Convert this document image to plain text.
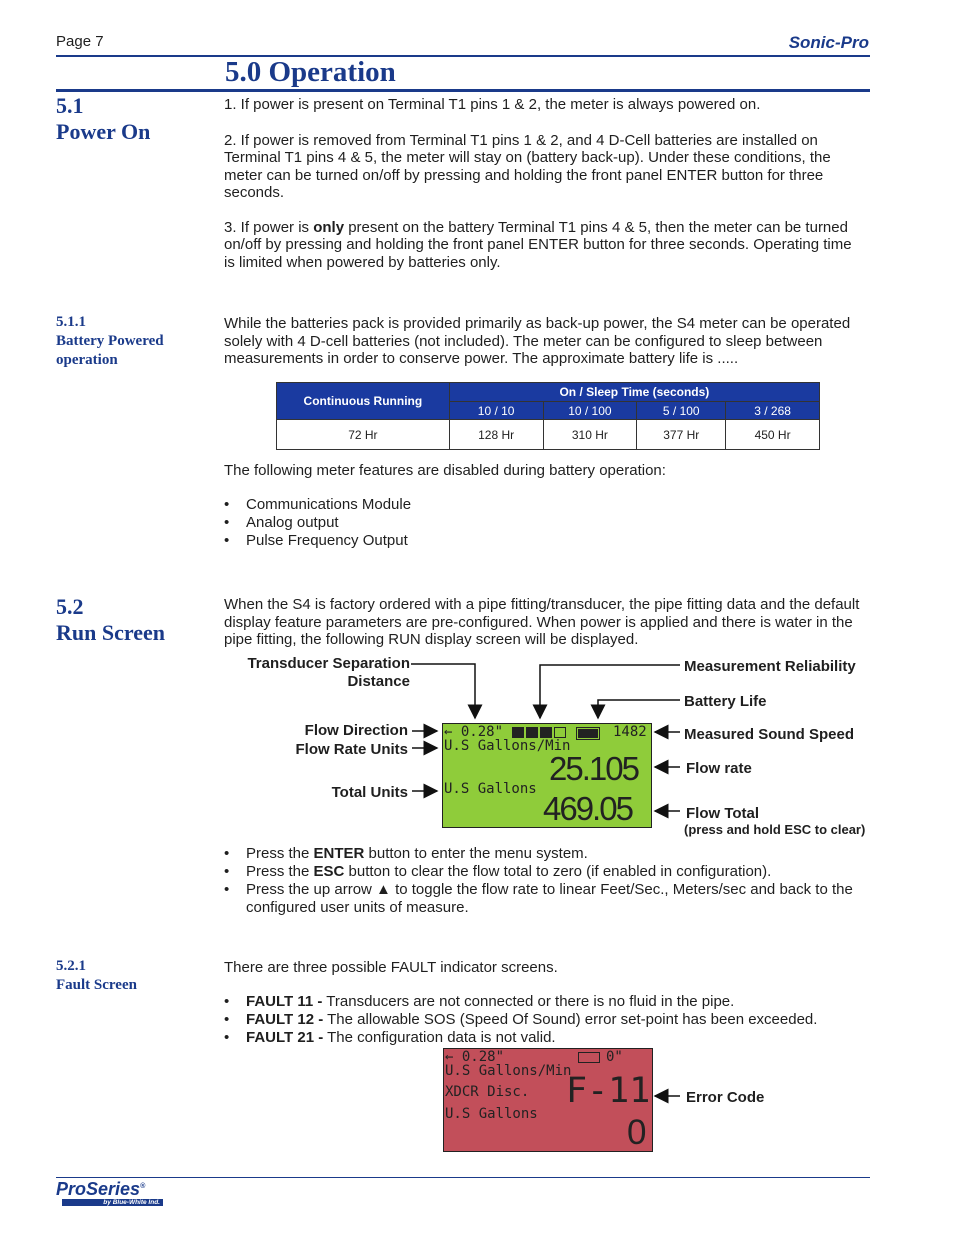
Page 7	Sonic-Pro
5.0 Operation
5.1
Power On

1. If power is present on Terminal T1 pins 1 & 2, the meter is always powered on.

2. If power is removed from Terminal T1 pins 1 & 2, and 4 D-Cell batteries are installed on Terminal T1 pins 4 & 5, the meter will stay on (battery back-up). Under these conditions, the meter can be turned on/off by pressing and holding the front panel ENTER button for three seconds.

3. If power is only present on the battery Terminal T1 pins 4 & 5, then the meter can be turned on/off by pressing and holding the front panel ENTER button for three seconds. Operating time is limited when powered by batteries only.

5.1.1
Battery Powered
operation

While the batteries pack is provided primarily as back-up power, the S4 meter can be operated solely with 4 D-cell batteries (not included). The meter can be configured to sleep between measurements in order to conserve power. The approximate battery life is .....

Continuous Running	On / Sleep Time (seconds)			
	10 / 10	10 / 100	5 / 100	3 / 268
72 Hr	128 Hr	310 Hr	377 Hr	450 Hr

The following meter features are disabled during battery operation:

• Communications Module
• Analog output
• Pulse Frequency Output
5.2
Run Screen

When the S4 is factory ordered with a pipe fitting/transducer, the pipe fitting data and the default display feature parameters are pre-configured. When power is applied and there is water in the pipe fitting, the following RUN display screen will be displayed.

← 0.28"	1482
U.S Gallons/Min
25.105
U.S Gallons
469.05
Transducer Separation
Distance
Measurement Reliability
Battery Life
Flow Direction
Flow Rate Units
Measured Sound Speed
Flow rate
Total Units
Flow Total
(press and hold ESC to clear)
• Press the ENTER button to enter the menu system.
• Press the ESC button to clear the flow total to zero (if enabled in configuration).
• Press the up arrow ▲ to toggle the flow rate to linear Feet/Sec., Meters/sec and back to the configured user units of measure.
5.2.1
Fault Screen

There are three possible FAULT indicator screens.

• FAULT 11 - Transducers are not connected or there is no fluid in the pipe.
• FAULT 12 - The allowable SOS (Speed Of Sound) error set-point has been exceeded.
• FAULT 21 - The configuration data is not valid.
← 0.28"	0"
U.S Gallons/Min
XDCR Disc. F-11
U.S Gallons	0
Error Code
ProSeries®
by Blue-White Ind.
